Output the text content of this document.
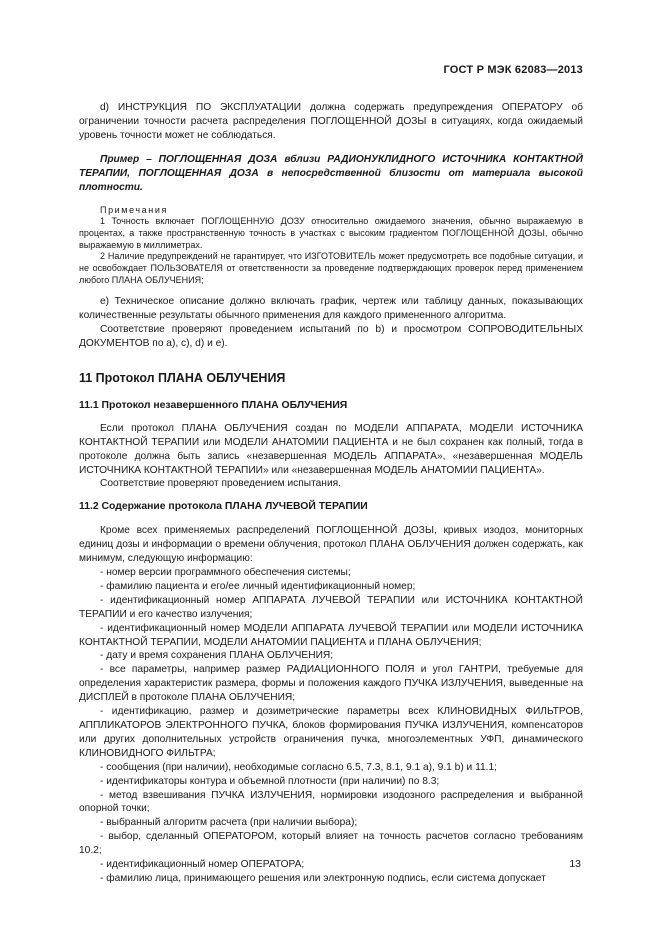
ГОСТ Р МЭК 62083—2013
d) ИНСТРУКЦИЯ ПО ЭКСПЛУАТАЦИИ должна содержать предупреждения ОПЕРАТОРУ об ограничении точности расчета распределения ПОГЛОЩЕННОЙ ДОЗЫ в ситуациях, когда ожидаемый уровень точности может не соблюдаться.
Пример – ПОГЛОЩЕННАЯ ДОЗА вблизи РАДИОНУКЛИДНОГО ИСТОЧНИКА КОНТАКТНОЙ ТЕРАПИИ, ПОГЛОЩЕННАЯ ДОЗА в непосредственной близости от материала высокой плотности.
Примечания
1 Точность включает ПОГЛОЩЕННУЮ ДОЗУ относительно ожидаемого значения, обычно выражаемую в процентах, а также пространственную точность в участках с высоким градиентом ПОГЛОЩЕННОЙ ДОЗЫ, обычно выражаемую в миллиметрах.
2 Наличие предупреждений не гарантирует, что ИЗГОТОВИТЕЛЬ может предусмотреть все подобные ситуации, и не освобождает ПОЛЬЗОВАТЕЛЯ от ответственности за проведение подтверждающих проверок перед применением любого ПЛАНА ОБЛУЧЕНИЯ;
e) Техническое описание должно включать график, чертеж или таблицу данных, показывающих количественные результаты обычного применения для каждого примененного алгоритма.
Соответствие проверяют проведением испытаний по b) и просмотром СОПРОВОДИТЕЛЬНЫХ ДОКУМЕНТОВ по a), c), d) и e).
11 Протокол ПЛАНА ОБЛУЧЕНИЯ
11.1 Протокол незавершенного ПЛАНА ОБЛУЧЕНИЯ
Если протокол ПЛАНА ОБЛУЧЕНИЯ создан по МОДЕЛИ АППАРАТА, МОДЕЛИ ИСТОЧНИКА КОНТАКТНОЙ ТЕРАПИИ или МОДЕЛИ АНАТОМИИ ПАЦИЕНТА и не был сохранен как полный, тогда в протоколе должна быть запись «незавершенная МОДЕЛЬ АППАРАТА», «незавершенная МОДЕЛЬ ИСТОЧНИКА КОНТАКТНОЙ ТЕРАПИИ» или «незавершенная МОДЕЛЬ АНАТОМИИ ПАЦИЕНТА».
Соответствие проверяют проведением испытания.
11.2 Содержание протокола ПЛАНА ЛУЧЕВОЙ ТЕРАПИИ
Кроме всех применяемых распределений ПОГЛОЩЕННОЙ ДОЗЫ, кривых изодоз, мониторных единиц дозы и информации о времени облучения, протокол ПЛАНА ОБЛУЧЕНИЯ должен содержать, как минимум, следующую информацию:
- номер версии программного обеспечения системы;
- фамилию пациента и его/ее личный идентификационный номер;
- идентификационный номер АППАРАТА ЛУЧЕВОЙ ТЕРАПИИ или ИСТОЧНИКА КОНТАКТНОЙ ТЕРАПИИ и его качество излучения;
- идентификационный номер МОДЕЛИ АППАРАТА ЛУЧЕВОЙ ТЕРАПИИ или МОДЕЛИ ИСТОЧНИКА КОНТАКТНОЙ ТЕРАПИИ, МОДЕЛИ АНАТОМИИ ПАЦИЕНТА и ПЛАНА ОБЛУЧЕНИЯ;
- дату и время сохранения ПЛАНА ОБЛУЧЕНИЯ;
- все параметры, например размер РАДИАЦИОННОГО ПОЛЯ и угол ГАНТРИ, требуемые для определения характеристик размера, формы и положения каждого ПУЧКА ИЗЛУЧЕНИЯ, выведенные на ДИСПЛЕЙ в протоколе ПЛАНА ОБЛУЧЕНИЯ;
- идентификацию, размер и дозиметрические параметры всех КЛИНОВИДНЫХ ФИЛЬТРОВ, АППЛИКАТОРОВ ЭЛЕКТРОННОГО ПУЧКА, блоков формирования ПУЧКА ИЗЛУЧЕНИЯ, компенсаторов или других дополнительных устройств ограничения пучка, многоэлементных УФП, динамического КЛИНОВИДНОГО ФИЛЬТРА;
- сообщения (при наличии), необходимые согласно 6.5, 7.3, 8.1, 9.1 a), 9.1 b) и 11.1;
- идентификаторы контура и объемной плотности (при наличии) по 8.3;
- метод взвешивания ПУЧКА ИЗЛУЧЕНИЯ, нормировки изодозного распределения и выбранной опорной точки;
- выбранный алгоритм расчета (при наличии выбора);
- выбор, сделанный ОПЕРАТОРОМ, который влияет на точность расчетов согласно требованиям 10.2;
- идентификационный номер ОПЕРАТОРА;
- фамилию лица, принимающего решения или электронную подпись, если система допускает
13
